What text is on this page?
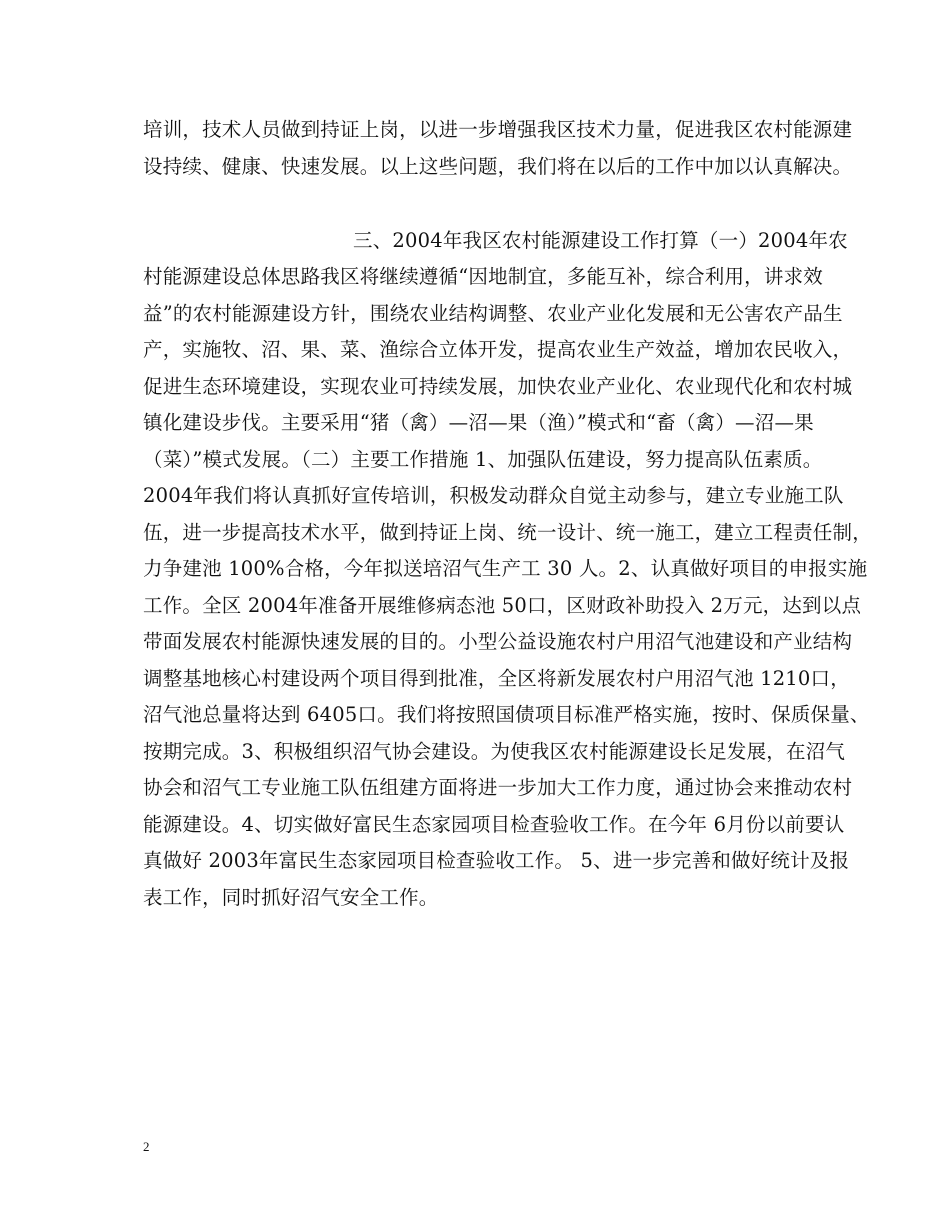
培训，技术人员做到持证上岗，以进一步增强我区技术力量，促进我区农村能源建
设持续、健康、快速发展。以上这些问题，我们将在以后的工作中加以认真解决。
三、2004年我区农村能源建设工作打算（一）2004年农
村能源建设总体思路我区将继续遵循“因地制宜，多能互补，综合利用，讲求效
益”的农村能源建设方针，围绕农业结构调整、农业产业化发展和无公害农产品生
产，实施牧、沼、果、菜、渔综合立体开发，提高农业生产效益，增加农民收入，
促进生态环境建设，实现农业可持续发展，加快农业产业化、农业现代化和农村城
镇化建设步伐。主要采用“猪（禽）—沼—果（渔）”模式和“畜（禽）—沼—果
（菜）”模式发展。（二）主要工作措施 1、加强队伍建设，努力提高队伍素质。
2004年我们将认真抓好宣传培训，积极发动群众自觉主动参与，建立专业施工队
伍，进一步提高技术水平，做到持证上岗、统一设计、统一施工，建立工程责任制，
力争建池 100%合格，今年拟送培沼气生产工 30 人。2、认真做好项目的申报实施
工作。全区 2004年准备开展维修病态池 50口，区财政补助投入 2万元，达到以点
带面发展农村能源快速发展的目的。小型公益设施农村户用沼气池建设和产业结构
调整基地核心村建设两个项目得到批准，全区将新发展农村户用沼气池 1210口，
沼气池总量将达到 6405口。我们将按照国债项目标准严格实施，按时、保质保量、
按期完成。3、积极组织沼气协会建设。为使我区农村能源建设长足发展，在沼气
协会和沼气工专业施工队伍组建方面将进一步加大工作力度，通过协会来推动农村
能源建设。4、切实做好富民生态家园项目检查验收工作。在今年 6月份以前要认
真做好 2003年富民生态家园项目检查验收工作。 5、进一步完善和做好统计及报
表工作，同时抓好沼气安全工作。
2
